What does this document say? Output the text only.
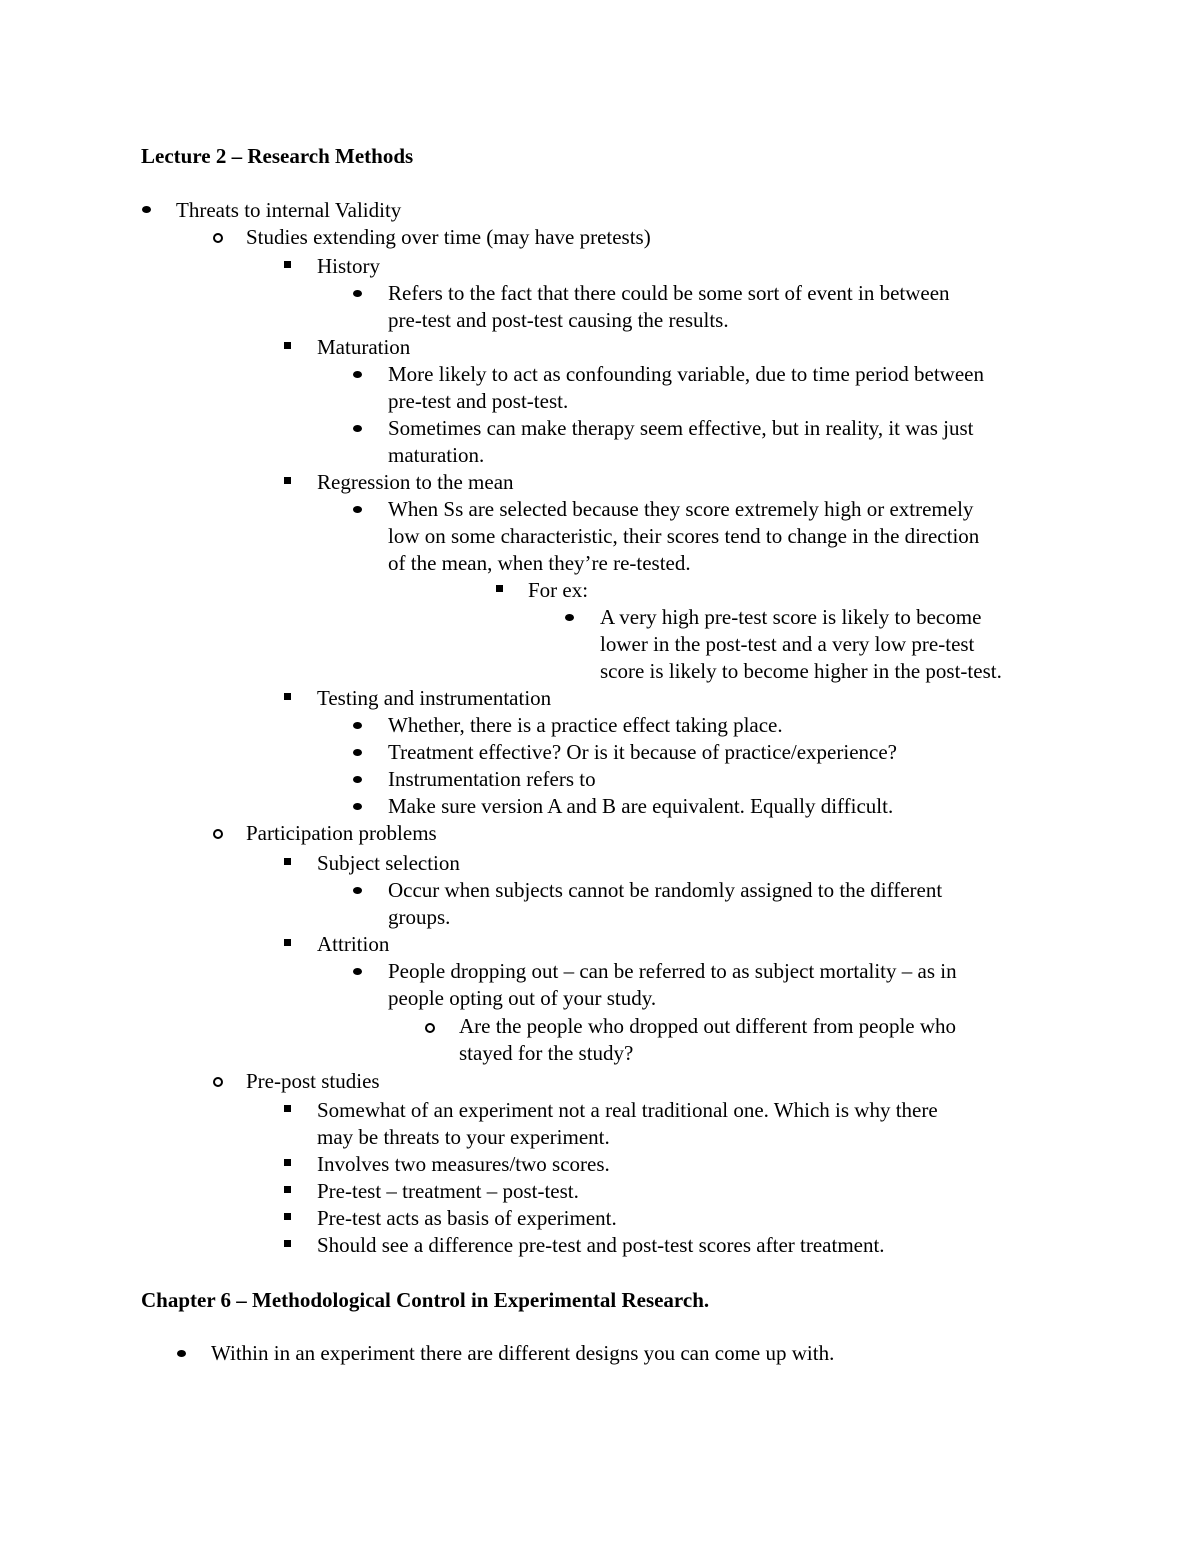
Lecture 2 – Research Methods
Threats to internal Validity
Studies extending over time (may have pretests)
History
Refers to the fact that there could be some sort of event in between
pre-test and post-test causing the results.
Maturation
More likely to act as confounding variable, due to time period between
pre-test and post-test.
Sometimes can make therapy seem effective, but in reality, it was just
maturation.
Regression to the mean
When Ss are selected because they score extremely high or extremely
low on some characteristic, their scores tend to change in the direction
of the mean, when they’re re-tested.
For ex:
A very high pre-test score is likely to become
lower in the post-test and a very low pre-test
score is likely to become higher in the post-test.
Testing and instrumentation
Whether, there is a practice effect taking place.
Treatment effective? Or is it because of practice/experience?
Instrumentation refers to
Make sure version A and B are equivalent. Equally difficult.
Participation problems
Subject selection
Occur when subjects cannot be randomly assigned to the different
groups.
Attrition
People dropping out – can be referred to as subject mortality – as in
people opting out of your study.
Are the people who dropped out different from people who
stayed for the study?
Pre-post studies
Somewhat of an experiment not a real traditional one. Which is why there
may be threats to your experiment.
Involves two measures/two scores.
Pre-test – treatment – post-test.
Pre-test acts as basis of experiment.
Should see a difference pre-test and post-test scores after treatment.
Chapter 6 – Methodological Control in Experimental Research.
Within in an experiment there are different designs you can come up with.
